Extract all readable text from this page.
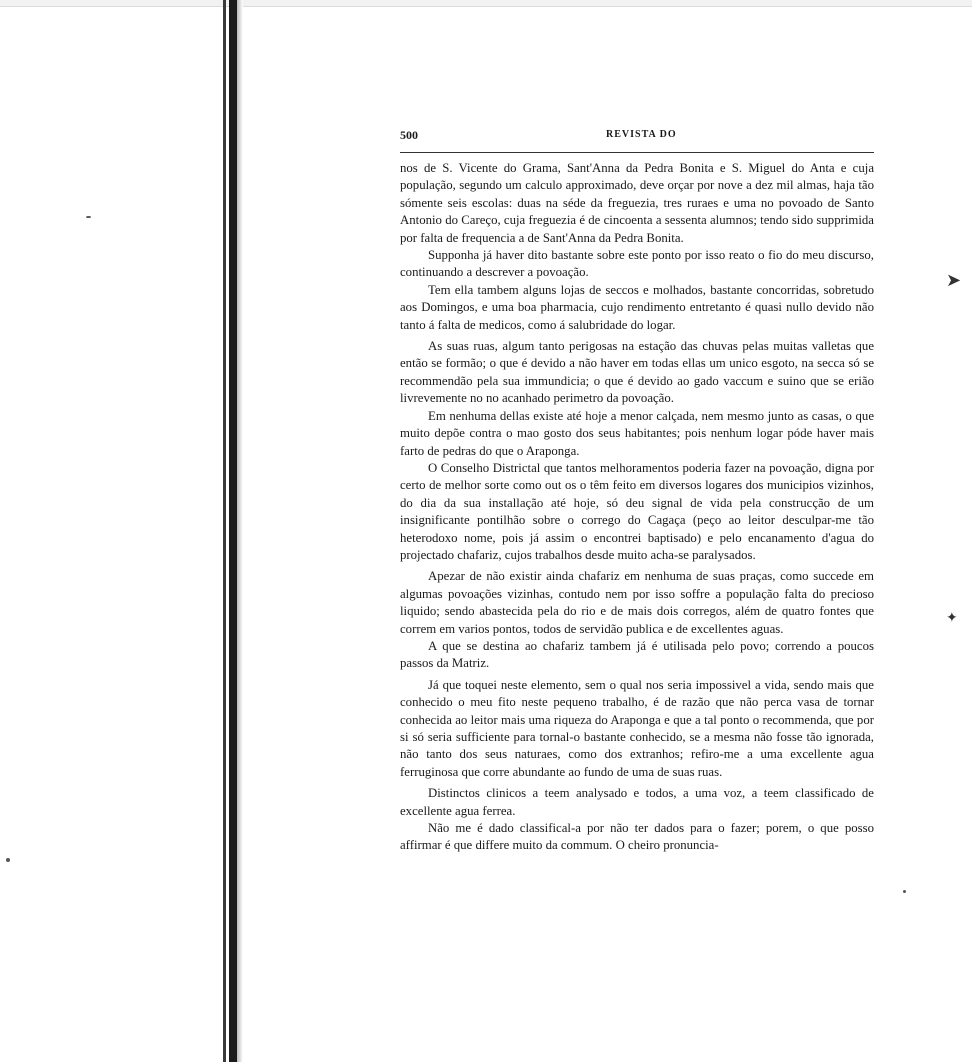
➤
✦
500	REVISTA DO

nos de S. Vicente do Grama, Sant'Anna da Pedra Bonita e S. Miguel do Anta e cuja população, segundo um calculo approximado, deve orçar por nove a dez mil almas, haja tão sómente seis escolas: duas na séde da freguezia, tres ruraes e uma no povoado de Santo Antonio do Careço, cuja freguezia é de cincoenta a sessenta alumnos; tendo sido supprimida por falta de frequencia a de Sant'Anna da Pedra Bonita.

Supponha já haver dito bastante sobre este ponto por isso reato o fio do meu discurso, continuando a descrever a povoação.

Tem ella tambem alguns lojas de seccos e molhados, bastante concorridas, sobretudo aos Domingos, e uma boa pharmacia, cujo rendimento entretanto é quasi nullo devido não tanto á falta de medicos, como á salubridade do logar.

As suas ruas, algum tanto perigosas na estação das chuvas pelas muitas valletas que então se formão; o que é devido a não haver em todas ellas um unico esgoto, na secca só se recommendão pela sua immundicia; o que é devido ao gado vaccum e suino que se erião livrevemente no no acanhado perimetro da povoação.

Em nenhuma dellas existe até hoje a menor calçada, nem mesmo junto as casas, o que muito depõe contra o mao gosto dos seus habitantes; pois nenhum logar póde haver mais farto de pedras do que o Araponga.

O Conselho Districtal que tantos melhoramentos poderia fazer na povoação, digna por certo de melhor sorte como out os o têm feito em diversos logares dos municipios vizinhos, do dia da sua installação até hoje, só deu signal de vida pela construcção de um insignificante pontilhão sobre o corrego do Cagaça (peço ao leitor desculpar-me tão heterodoxo nome, pois já assim o encontrei baptisado) e pelo encanamento d'agua do projectado chafariz, cujos trabalhos desde muito acha-se paralysados.

Apezar de não existir ainda chafariz em nenhuma de suas praças, como succede em algumas povoações vizinhas, contudo nem por isso soffre a população falta do precioso liquido; sendo abastecida pela do rio e de mais dois corregos, além de quatro fontes que correm em varios pontos, todos de servidão publica e de excellentes aguas.

A que se destina ao chafariz tambem já é utilisada pelo povo; correndo a poucos passos da Matriz.

Já que toquei neste elemento, sem o qual nos seria impossivel a vida, sendo mais que conhecido o meu fito neste pequeno trabalho, é de razão que não perca vasa de tornar conhecida ao leitor mais uma riqueza do Araponga e que a tal ponto o recommenda, que por si só seria sufficiente para tornal-o bastante conhecido, se a mesma não fosse tão ignorada, não tanto dos seus naturaes, como dos extranhos; refiro-me a uma excellente agua ferruginosa que corre abundante ao fundo de uma de suas ruas.

Distinctos clinicos a teem analysado e todos, a uma voz, a teem classificado de excellente agua ferrea.

Não me é dado classifical-a por não ter dados para o fazer; porem, o que posso affirmar é que differe muito da commum. O cheiro pronuncia-
